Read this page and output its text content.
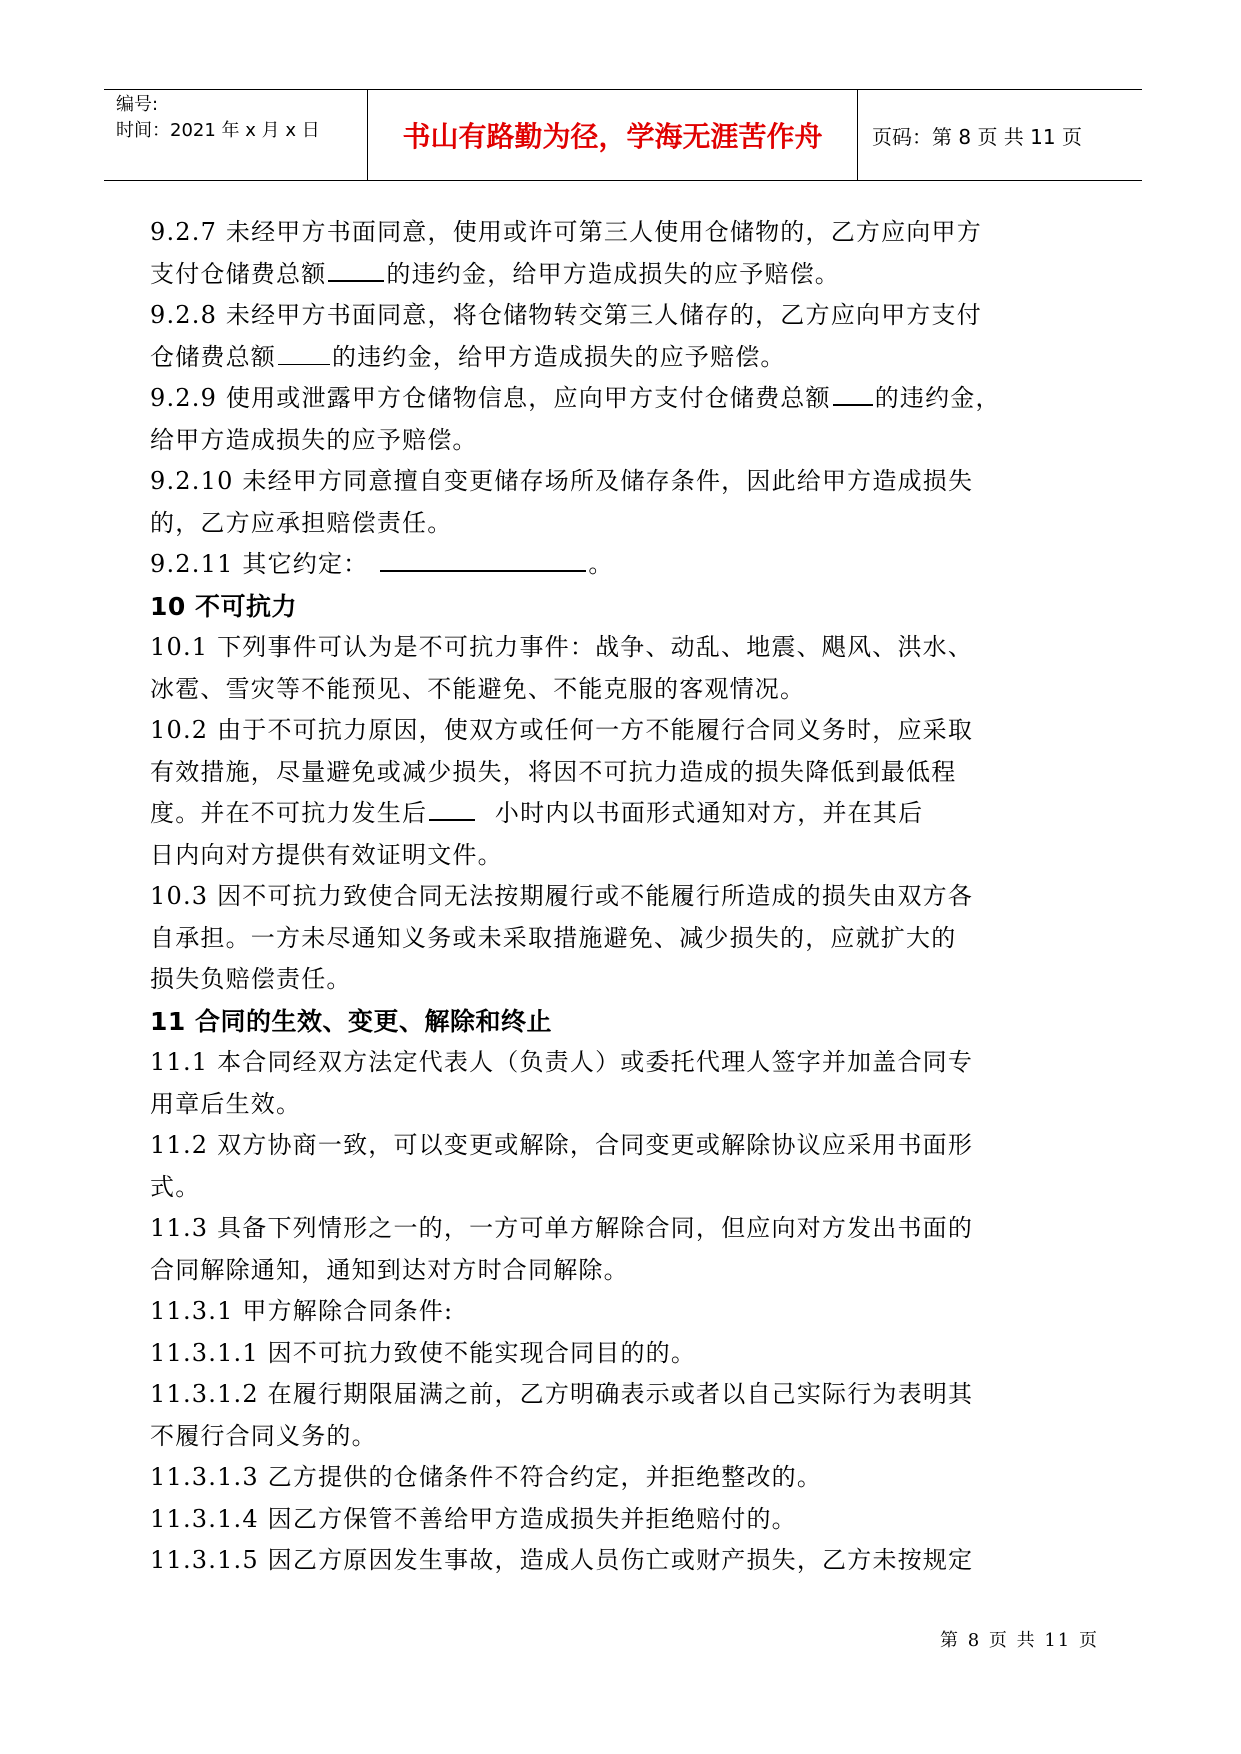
编号:
时间：2021 年 x 月 x 日	书山有路勤为径，学海无涯苦作舟	页码：第 8 页 共 11 页

9.2.7 未经甲方书面同意，使用或许可第三人使用仓储物的，乙方应向甲方
支付仓储费总额	的违约金，给甲方造成损失的应予赔偿。

9.2.8 未经甲方书面同意，将仓储物转交第三人储存的，乙方应向甲方支付
仓储费总额 的违约金，给甲方造成损失的应予赔偿。

9.2.9 使用或泄露甲方仓储物信息，应向甲方支付仓储费总额 的违约金，
给甲方造成损失的应予赔偿。

9.2.10 未经甲方同意擅自变更储存场所及储存条件，因此给甲方造成损失
的，乙方应承担赔偿责任。

9.2.11 其它约定：	。

10 不可抗力

10.1 下列事件可认为是不可抗力事件：战争、动乱、地震、飓风、洪水、
冰雹、雪灾等不能预见、不能避免、不能克服的客观情况。

10.2 由于不可抗力原因，使双方或任何一方不能履行合同义务时，应采取
有效措施，尽量避免或减少损失，将因不可抗力造成的损失降低到最低程
度。并在不可抗力发生后	小时内以书面形式通知对方，并在其后
日内向对方提供有效证明文件。

10.3 因不可抗力致使合同无法按期履行或不能履行所造成的损失由双方各
自承担。一方未尽通知义务或未采取措施避免、减少损失的，应就扩大的
损失负赔偿责任。

11 合同的生效、变更、解除和终止

11.1 本合同经双方法定代表人（负责人）或委托代理人签字并加盖合同专
用章后生效。

11.2 双方协商一致，可以变更或解除，合同变更或解除协议应采用书面形
式。

11.3 具备下列情形之一的，一方可单方解除合同，但应向对方发出书面的
合同解除通知，通知到达对方时合同解除。

11.3.1 甲方解除合同条件:

11.3.1.1 因不可抗力致使不能实现合同目的的。

11.3.1.2 在履行期限届满之前，乙方明确表示或者以自己实际行为表明其
不履行合同义务的。

11.3.1.3 乙方提供的仓储条件不符合约定，并拒绝整改的。

11.3.1.4 因乙方保管不善给甲方造成损失并拒绝赔付的。

11.3.1.5 因乙方原因发生事故，造成人员伤亡或财产损失，乙方未按规定

第 8 页 共 11 页
